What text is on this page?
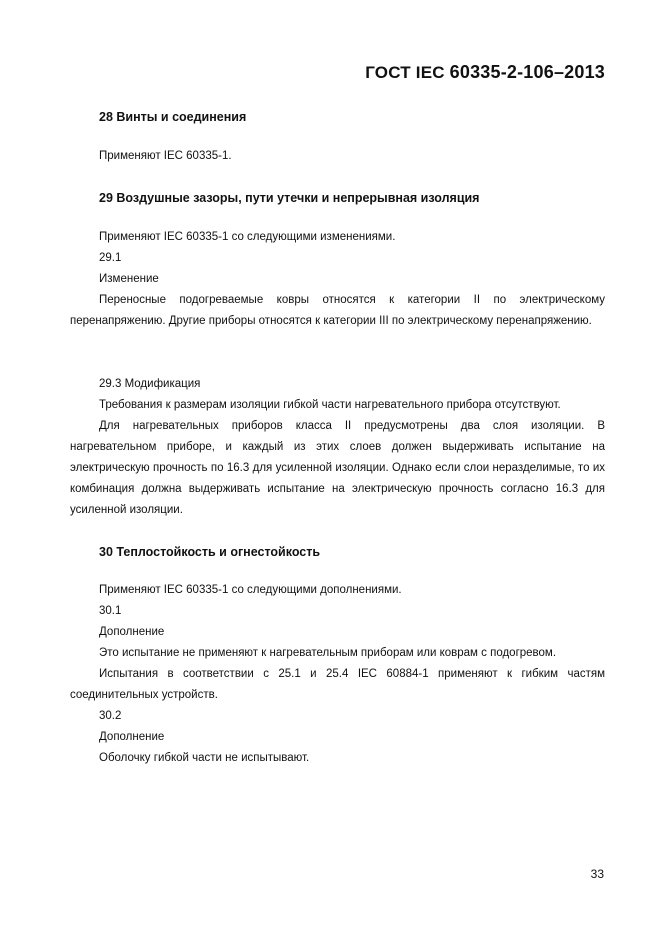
ГОСТ IEC 60335-2-106–2013
28 Винты и соединения
Применяют IEC 60335-1.
29 Воздушные зазоры, пути утечки и непрерывная изоляция
Применяют IEC 60335-1 со следующими изменениями.
29.1
Изменение
Переносные подогреваемые ковры относятся к категории II по электрическому перенапряжению. Другие приборы относятся к категории III по электрическому перенапряжению.
29.3 Модификация
Требования к размерам изоляции гибкой части нагревательного прибора отсутствуют.
Для нагревательных приборов класса II предусмотрены два слоя изоляции. В нагревательном приборе, и каждый из этих слоев должен выдерживать испытание на электрическую прочность по 16.3 для усиленной изоляции. Однако если слои неразделимые, то их комбинация должна выдерживать испытание на электрическую прочность согласно 16.3 для усиленной изоляции.
30 Теплостойкость и огнестойкость
Применяют IEC 60335-1 со следующими дополнениями.
30.1
Дополнение
Это испытание не применяют к нагревательным приборам или коврам с подогревом.
Испытания в соответствии с 25.1 и 25.4 IEC 60884-1 применяют к гибким частям соединительных устройств.
30.2
Дополнение
Оболочку гибкой части не испытывают.
33
